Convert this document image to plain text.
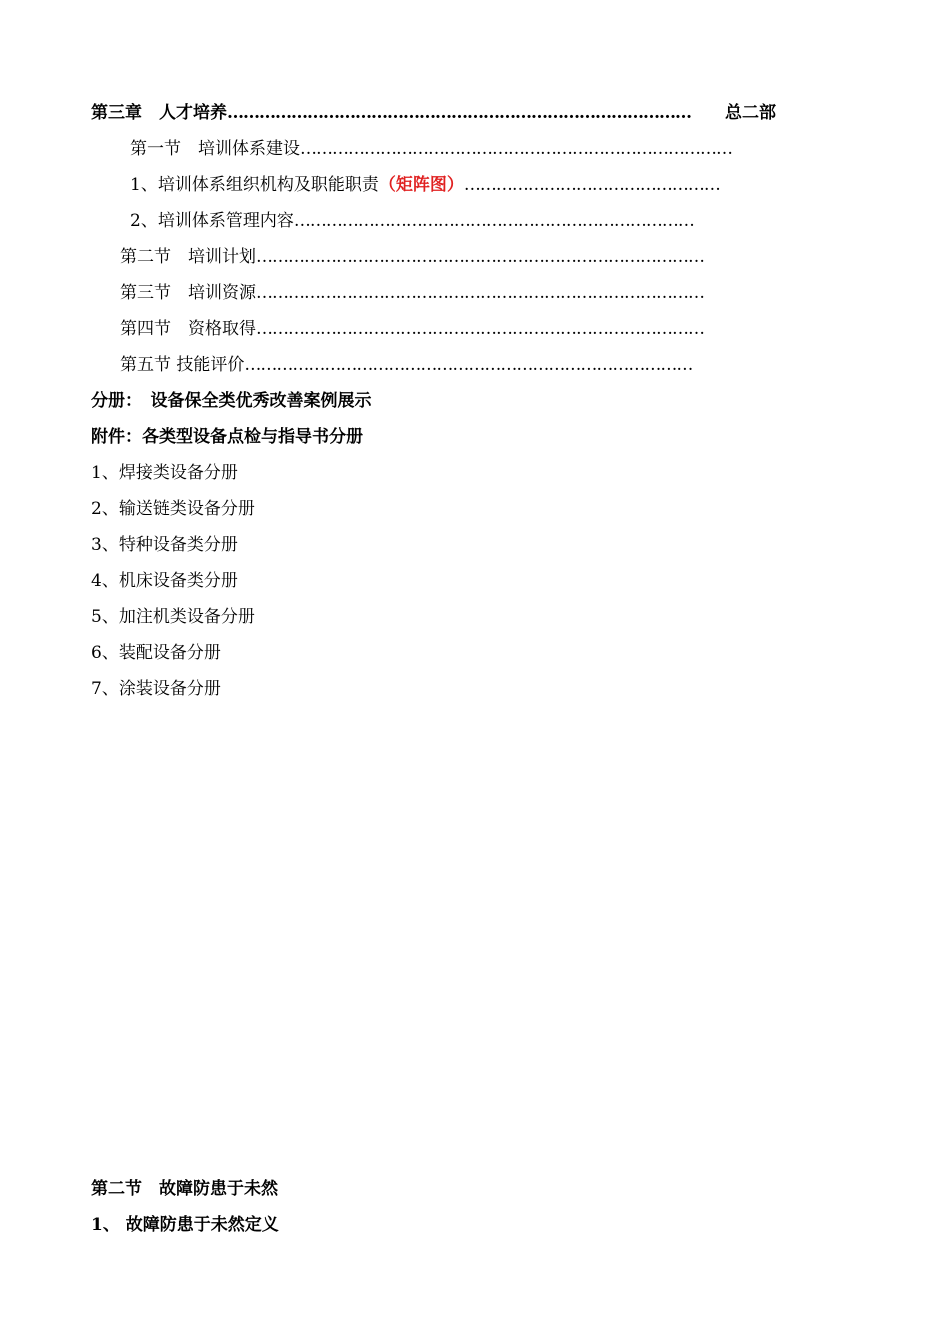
第三章　人才培养…………………………………………………………………………… 总二部
第一节　培训体系建设………………………………………………………………………
1、培训体系组织机构及职能职责（矩阵图）…………………………………………
2、培训体系管理内容…………………………………………………………………
第二节　培训计划…………………………………………………………………………
第三节　培训资源…………………………………………………………………………
第四节　资格取得…………………………………………………………………………
第五节 技能评价…………………………………………………………………………
分册：　设备保全类优秀改善案例展示
附件：各类型设备点检与指导书分册
1、焊接类设备分册
2、输送链类设备分册
3、特种设备类分册
4、机床设备类分册
5、加注机类设备分册
6、装配设备分册
7、涂装设备分册
第二节　故障防患于未然
1、 故障防患于未然定义
